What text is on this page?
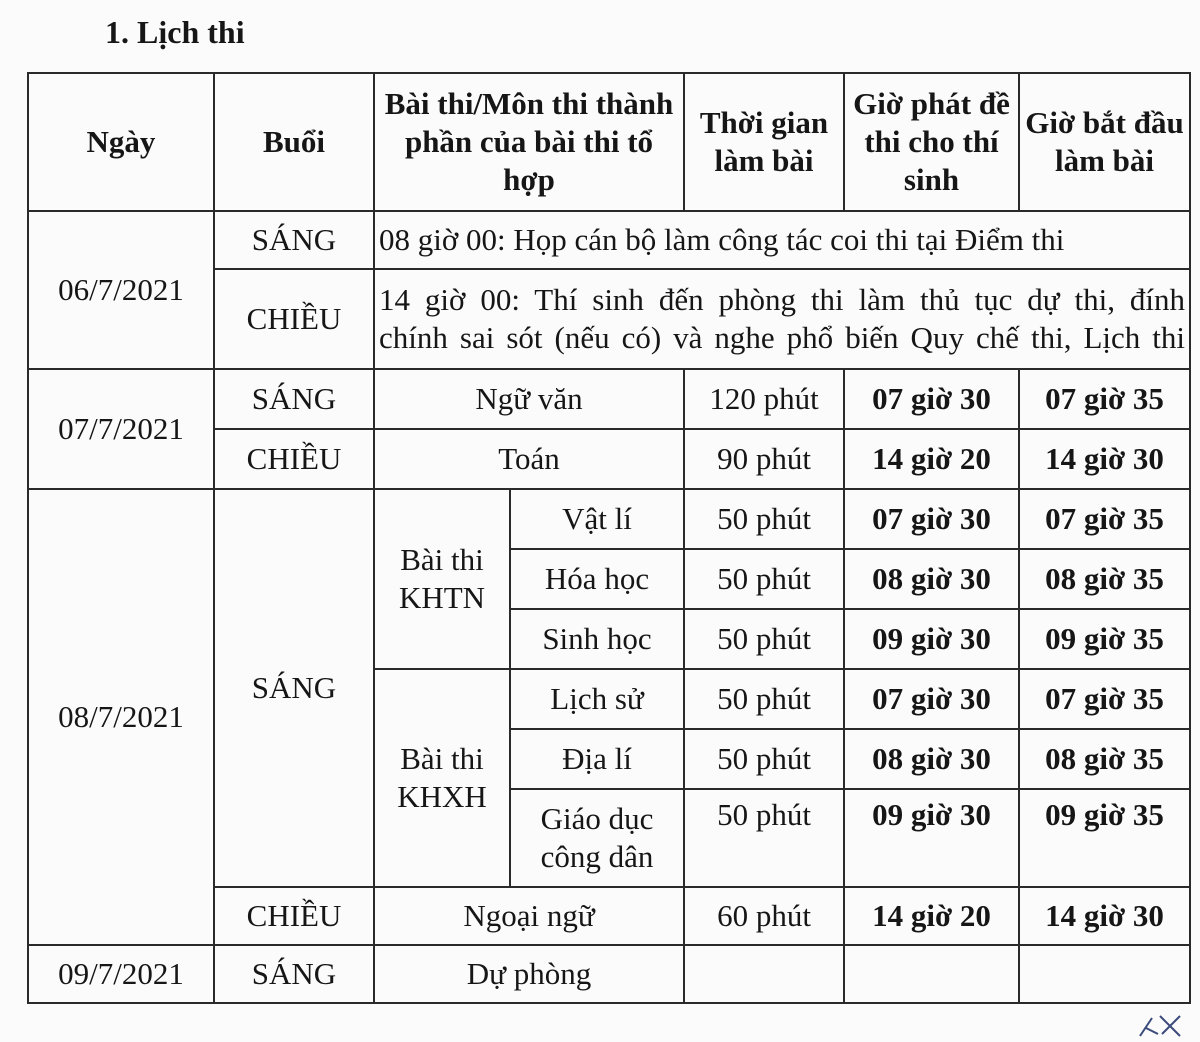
1. Lịch thi
Ngày	Buổi	Bài thi/Môn thi thành phần của bài thi tổ hợp		Thời gian làm bài	Giờ phát đề thi cho thí sinh	Giờ bắt đầu làm bài
06/7/2021	SÁNG	08 giờ 00: Họp cán bộ làm công tác coi thi tại Điểm thi				
	CHIỀU	14 giờ 00: Thí sinh đến phòng thi làm thủ tục dự thi, đính
chính sai sót (nếu có) và nghe phổ biến Quy chế thi, Lịch thi				

07/7/2021	SÁNG	Ngữ văn		120 phút	07 giờ 30	07 giờ 35
	CHIỀU	Toán		90 phút	14 giờ 20	14 giờ 30
08/7/2021	SÁNG	Bài thi KHTN	Vật lí	50 phút	07 giờ 30	07 giờ 35
			Hóa học	50 phút	08 giờ 30	08 giờ 35
			Sinh học	50 phút	09 giờ 30	09 giờ 35
		Bài thi KHXH	Lịch sử	50 phút	07 giờ 30	07 giờ 35
			Địa lí	50 phút	08 giờ 30	08 giờ 35
			Giáo dục công dân	50 phút	09 giờ 30	09 giờ 35
	CHIỀU	Ngoại ngữ		60 phút	14 giờ 20	14 giờ 30
09/7/2021	SÁNG	Dự phòng				
